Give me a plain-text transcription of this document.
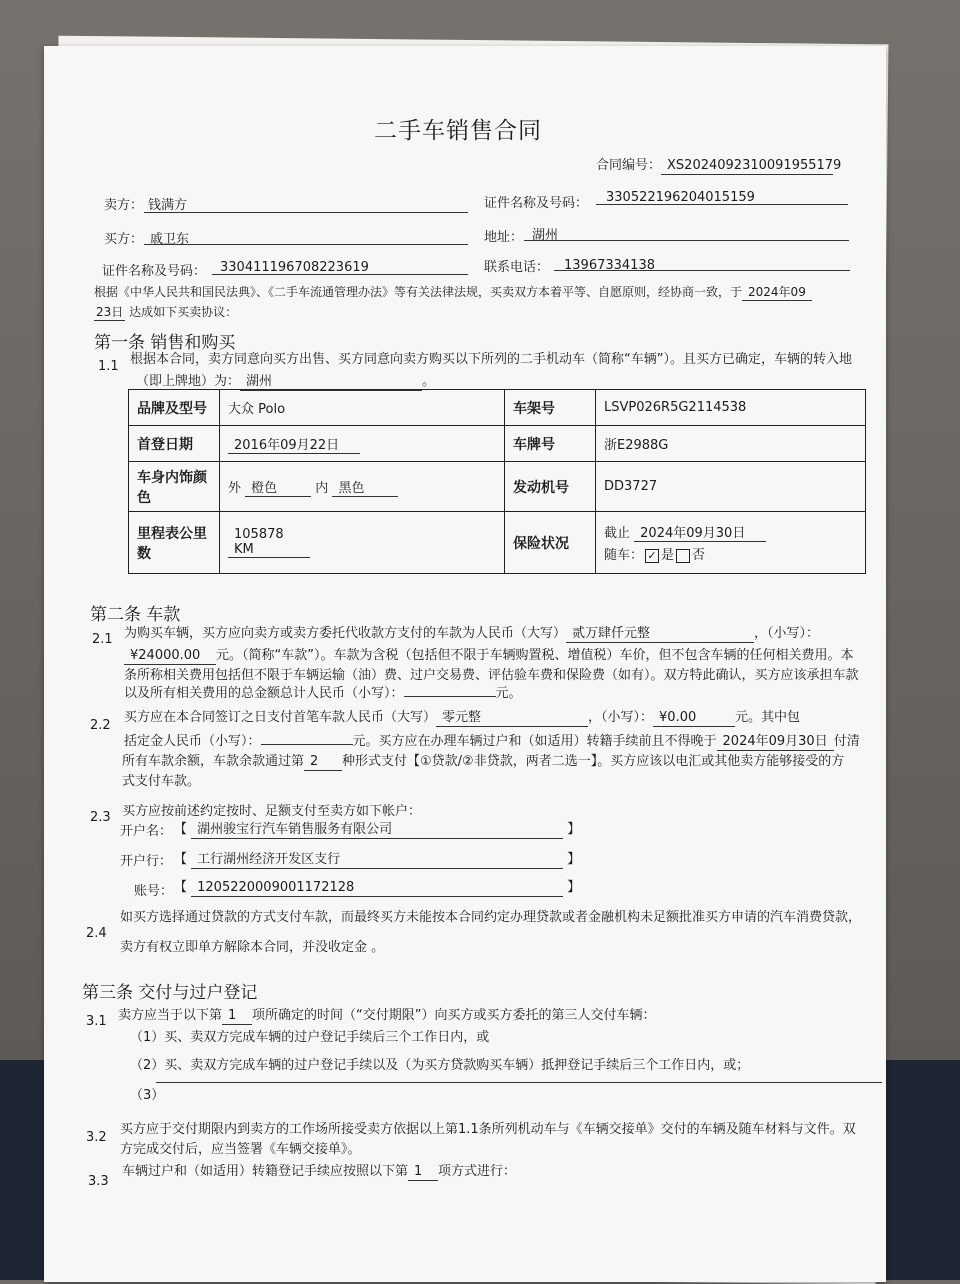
二手车销售合同
合同编号： XS20240923100919551​79
卖方： 钱满方	证件名称及号码： 330522196204015159
买方： 戚卫东	地址： 湖州
证件名称及号码： 330411196708223619	联系电话： 13967334138
根据《中华人民共和国民法典》、《二手车流通管理办法》等有关法律法规，买卖双方本着平等、自愿原则，经协商一致，于 2024年09
23日 达成如下买卖协议：
第一条 销售和购买
1.1 根据本合同，卖方同意向买方出售、买方同意向卖方购买以下所列的二手机动车（简称“车辆”）。且买方已确定，车辆的转入地
（即上牌地）为： 湖州	。
品牌及型号	大众 Polo	车架号	LSVP026R5G2114538
首登日期	2016年09月22日	车牌号	浙E2988G
车身内饰颜色	外 橙色 内 黑色	发动机号	DD3727
里程表公里数	105878 KM	保险状况	截止 2024年09月30日
随车： ✓ 是 否
第二条 车款
2.1 为购买车辆，买方应向卖方或卖方委托代收款方支付的车款为人民币（大写） 贰万肆仟元整	，（小写）：
¥24000.00 元。（简称“车款”）。车款为含税（包括但不限于车辆购置税、增值税）车价，但不包含车辆的任何相关费用。本
条所称相关费用包括但不限于车辆运输（油）费、过户交易费、评估验车费和保险费（如有）。双方特此确认，买方应该承担车款
以及所有相关费用的总金额总计人民币（小写）：	元。
2.2
买方应在本合同签订之日支付首笔车款人民币（大写） 零元整	，（小写）： ¥0.00	元。其中包
括定金人民币（小写）：	元。买方应在办理车辆过户和（如适用）转籍手续前且不得晚于 2024年09月30日 付清
所有车款余额，车款余款通过第 2 种形式支付【①贷款/②非贷款，两者二选一】。买方应该以电汇或其他卖方能够接受的方
式支付车款。
2.3 买方应按前述约定按时、足额支付至卖方如下帐户：
开户名： 【 湖州骏宝行汽车销售服务有限公司	】
开户行： 【 工行湖州经济开发区支行	】
账号： 【 1205220009001172128	】
2.4
如买方选择通过贷款的方式支付车款，而最终买方未能按本合同约定办理贷款或者金融机构未足额批准买方申请的汽车消费贷款，
卖方有权立即单方解除本合同，并没收定金 。
第三条 交付与过户登记
3.1 卖方应当于以下第 1 项所确定的时间（“交付期限”）向买方或买方委托的第三人交付车辆：
（1）买、卖双方完成车辆的过户登记手续后三个工作日内，或
（2）买、卖双方完成车辆的过户登记手续以及（为买方贷款购买车辆）抵押登记手续后三个工作日内，或；
（3）
3.2
买方应于交付期限内到卖方的工作场所接受卖方依据以上第1.1条所列机动车与《车辆交接单》交付的车辆及随车材料与文件。双
方完成交付后，应当签署《车辆交接单》。
3.3
车辆过户和（如适用）转籍登记手续应按照以下第 1 项方式进行：
